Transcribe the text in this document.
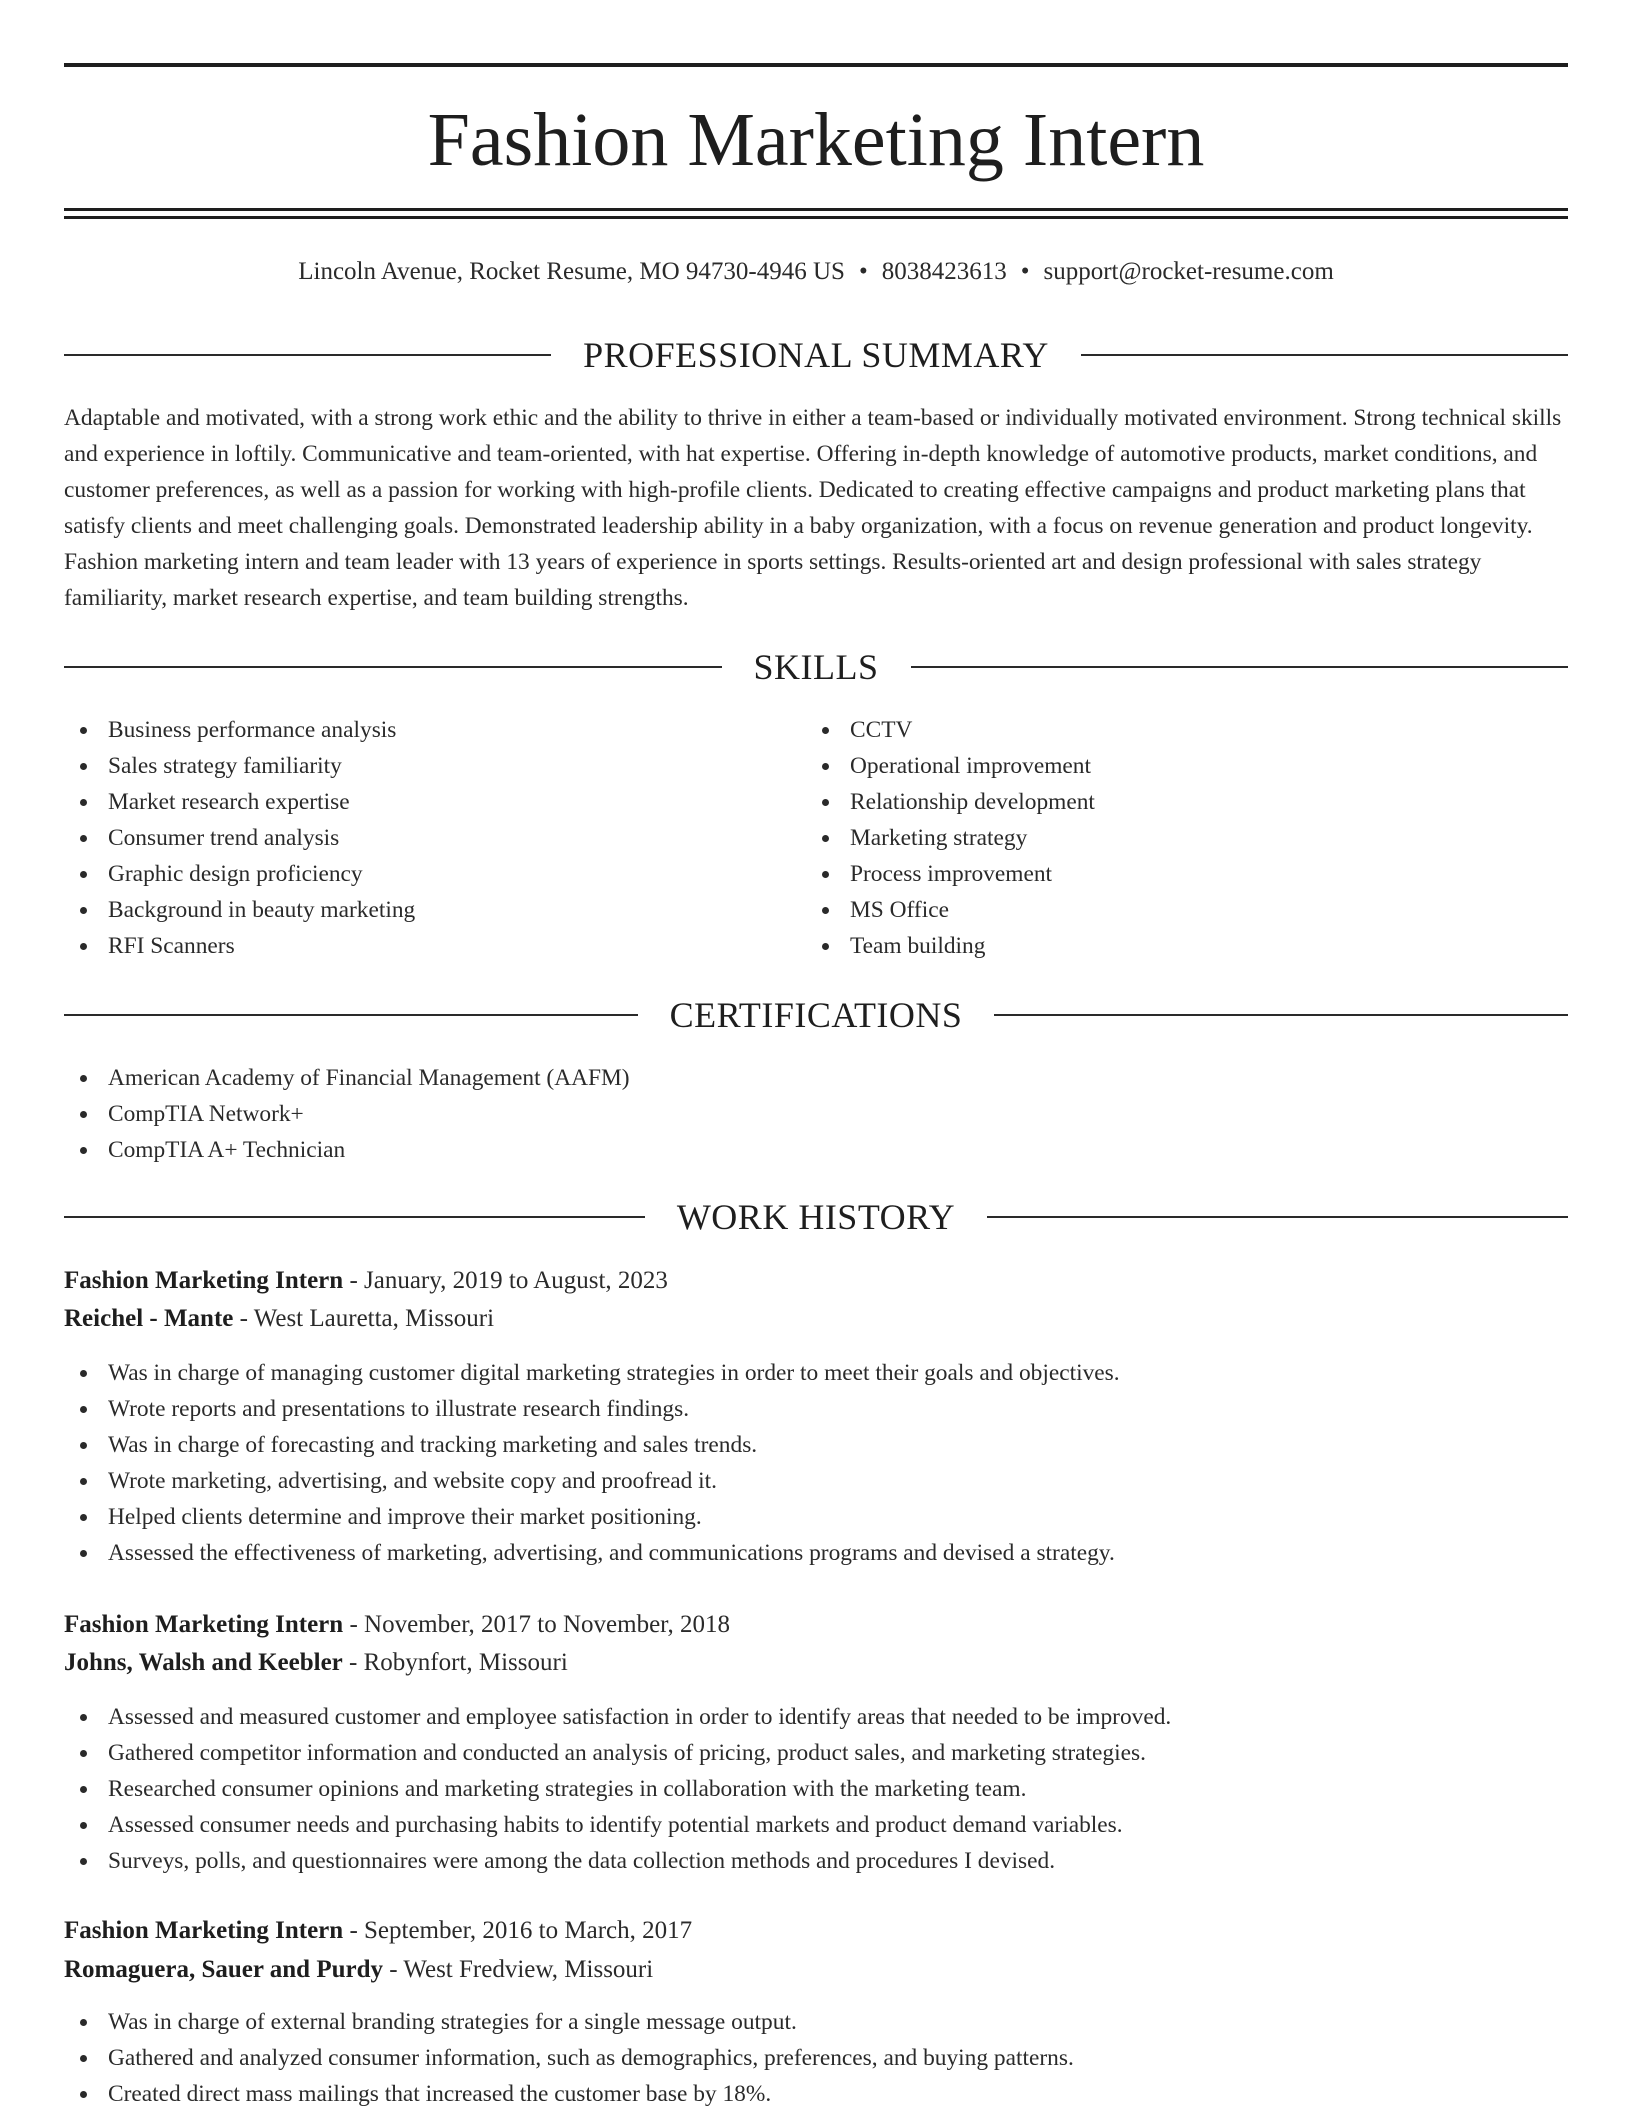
Fashion Marketing Intern
Lincoln Avenue, Rocket Resume, MO 94730-4946 US • 8038423613 • support@rocket-resume.com
PROFESSIONAL SUMMARY

Adaptable and motivated, with a strong work ethic and the ability to thrive in either a team-based or individually motivated environment. Strong technical skills and experience in loftily. Communicative and team-oriented, with hat expertise. Offering in-depth knowledge of automotive products, market conditions, and customer preferences, as well as a passion for working with high-profile clients. Dedicated to creating effective campaigns and product marketing plans that satisfy clients and meet challenging goals. Demonstrated leadership ability in a baby organization, with a focus on revenue generation and product longevity. Fashion marketing intern and team leader with 13 years of experience in sports settings. Results-oriented art and design professional with sales strategy familiarity, market research expertise, and team building strengths.

SKILLS
Business performance analysis
Sales strategy familiarity
Market research expertise
Consumer trend analysis
Graphic design proficiency
Background in beauty marketing
RFI Scanners
CCTV
Operational improvement
Relationship development
Marketing strategy
Process improvement
MS Office
Team building
CERTIFICATIONS
American Academy of Financial Management (AAFM)
CompTIA Network+
CompTIA A+ Technician
WORK HISTORY
Fashion Marketing Intern - January, 2019 to August, 2023
Reichel - Mante - West Lauretta, Missouri
Was in charge of managing customer digital marketing strategies in order to meet their goals and objectives.
Wrote reports and presentations to illustrate research findings.
Was in charge of forecasting and tracking marketing and sales trends.
Wrote marketing, advertising, and website copy and proofread it.
Helped clients determine and improve their market positioning.
Assessed the effectiveness of marketing, advertising, and communications programs and devised a strategy.
Fashion Marketing Intern - November, 2017 to November, 2018
Johns, Walsh and Keebler - Robynfort, Missouri
Assessed and measured customer and employee satisfaction in order to identify areas that needed to be improved.
Gathered competitor information and conducted an analysis of pricing, product sales, and marketing strategies.
Researched consumer opinions and marketing strategies in collaboration with the marketing team.
Assessed consumer needs and purchasing habits to identify potential markets and product demand variables.
Surveys, polls, and questionnaires were among the data collection methods and procedures I devised.
Fashion Marketing Intern - September, 2016 to March, 2017
Romaguera, Sauer and Purdy - West Fredview, Missouri
Was in charge of external branding strategies for a single message output.
Gathered and analyzed consumer information, such as demographics, preferences, and buying patterns.
Created direct mass mailings that increased the customer base by 18%.
